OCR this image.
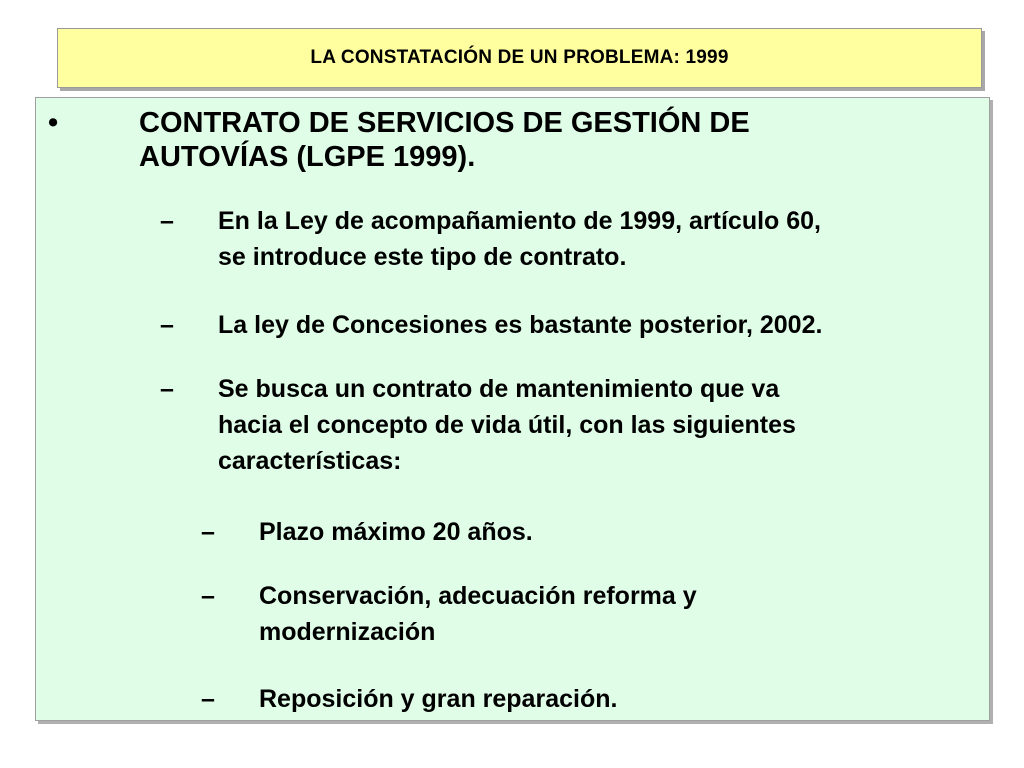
LA CONSTATACIÓN DE UN PROBLEMA: 1999
•	CONTRATO DE SERVICIOS DE GESTIÓN DE
AUTOVÍAS (LGPE 1999).
– En la Ley de acompañamiento de 1999, artículo 60,
se introduce este tipo de contrato.
– La ley de Concesiones es bastante posterior, 2002.
– Se busca un contrato de mantenimiento que va
hacia el concepto de vida útil, con las siguientes
características:
– Plazo máximo 20 años.
– Conservación, adecuación reforma y
modernización
– Reposición y gran reparación.
